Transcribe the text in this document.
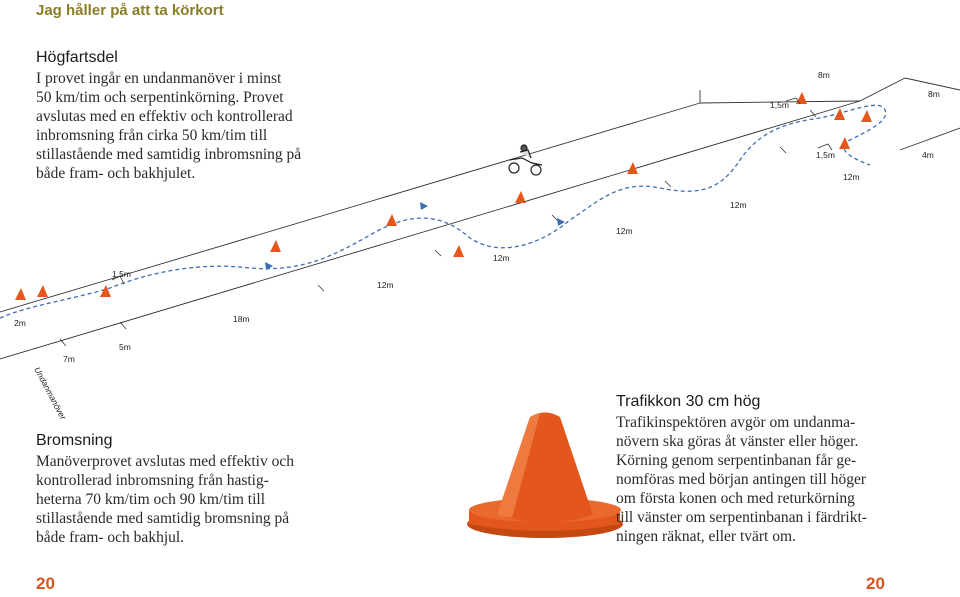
Jag håller på att ta körkort
Högfartsdel
I provet ingår en undanmanöver i minst
50 km/tim och serpentinkörning. Provet
avslutas med en effektiv och kontrollerad
inbromsning från cirka 50 km/tim till
stillastående med samtidig inbromsning på
både fram- och bakhjulet.
8m
8m
1,5m
1,5m	4m
12m
12m
12m
12m
12m
1,5m
2m	18m
7m
5m
Undanmanöver
Bromsning
Manöverprovet avslutas med effektiv och
kontrollerad inbromsning från hastig-
heterna 70 km/tim och 90 km/tim till
stillastående med samtidig bromsning på
både fram- och bakhjul.
Trafikkon 30 cm hög
Trafikinspektören avgör om undanma-
növern ska göras åt vänster eller höger.
Körning genom serpentinbanan får ge-
nomföras med början antingen till höger
om första konen och med returkörning
till vänster om serpentinbanan i färdrikt-
ningen räknat, eller tvärt om.
20	20
